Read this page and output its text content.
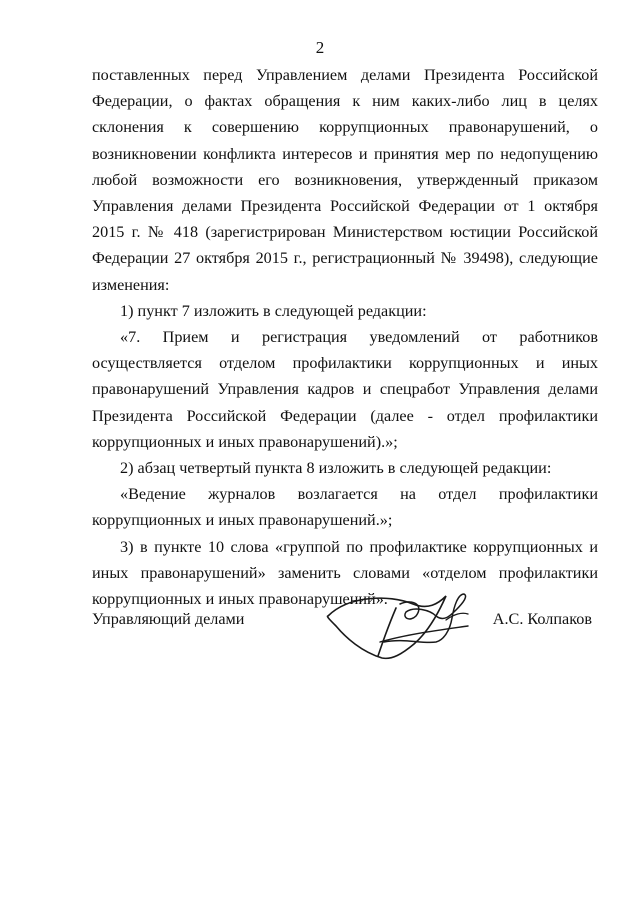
2

поставленных перед Управлением делами Президента Российской Федерации, о фактах обращения к ним каких-либо лиц в целях склонения к совершению коррупционных правонарушений, о возникновении конфликта интересов и принятия мер по недопущению любой возможности его возникновения, утвержденный приказом Управления делами Президента Российской Федерации от 1 октября 2015 г. № 418 (зарегистрирован Министерством юстиции Российской Федерации 27 октября 2015 г., регистрационный № 39498), следующие изменения:

1) пункт 7 изложить в следующей редакции:

«7. Прием и регистрация уведомлений от работников осуществляется отделом профилактики коррупционных и иных правонарушений Управления кадров и спецработ Управления делами Президента Российской Федерации (далее - отдел профилактики коррупционных и иных правонарушений).»;

2) абзац четвертый пункта 8 изложить в следующей редакции:

«Ведение журналов возлагается на отдел профилактики коррупционных и иных правонарушений.»;

3) в пункте 10 слова «группой по профилактике коррупционных и иных правонарушений» заменить словами «отделом профилактики коррупционных и иных правонарушений».

Управляющий делами	А.С. Колпаков
